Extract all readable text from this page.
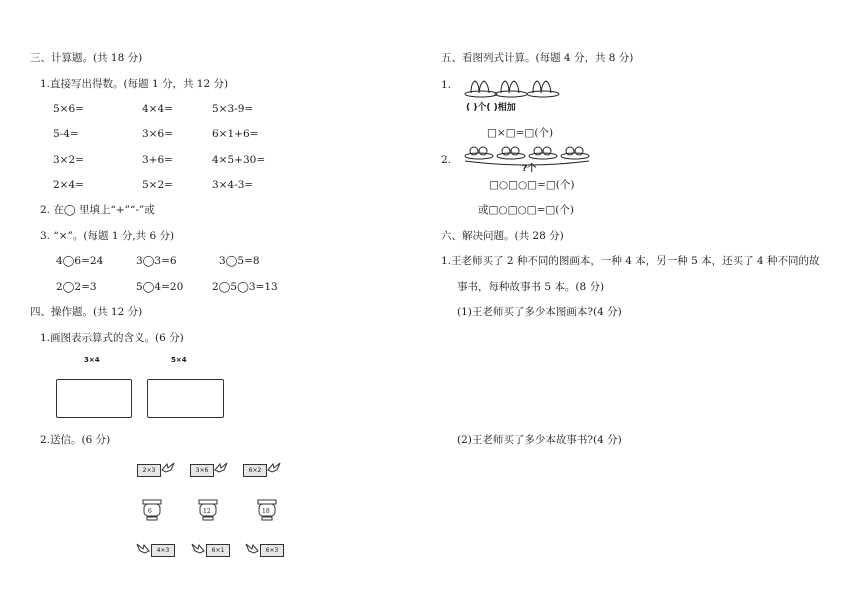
三、计算题。(共 18 分)
1.直接写出得数。(每题 1 分，共 12 分)
5×6=	4×4=	5×3-9=
5-4=	3×6=	6×1+6=
3×2=	3+6=	4×5+30=
2×4=	5×2=	3×4-3=
2. 在◯ 里填上“+”“-”或
3. “×”。(每题 1 分,共 6 分)
4◯6=24	3◯3=6	3◯5=8
2◯2=3	5◯4=20	2◯5◯3=13
四、操作题。(共 12 分)
1.画图表示算式的含义。(6 分)
3×4	5×4
2.送信。(6 分)
2×3	3×6	6×2
6	12	18
4×3	6×1	6×3
五、看图列式计算。(每题 4 分，共 8 分)
1.
( )个( )相加
□×□=□(个)
2.
?个
□○□○□=□(个)
或□○□○□=□(个)
六、解决问题。(共 28 分)
1.王老师买了 2 种不同的图画本，一种 4 本，另一种 5 本，还买了 4 种不同的故
事书，每种故事书 5 本。(8 分)
(1)王老师买了多少本图画本?(4 分)
(2)王老师买了多少本故事书?(4 分)
